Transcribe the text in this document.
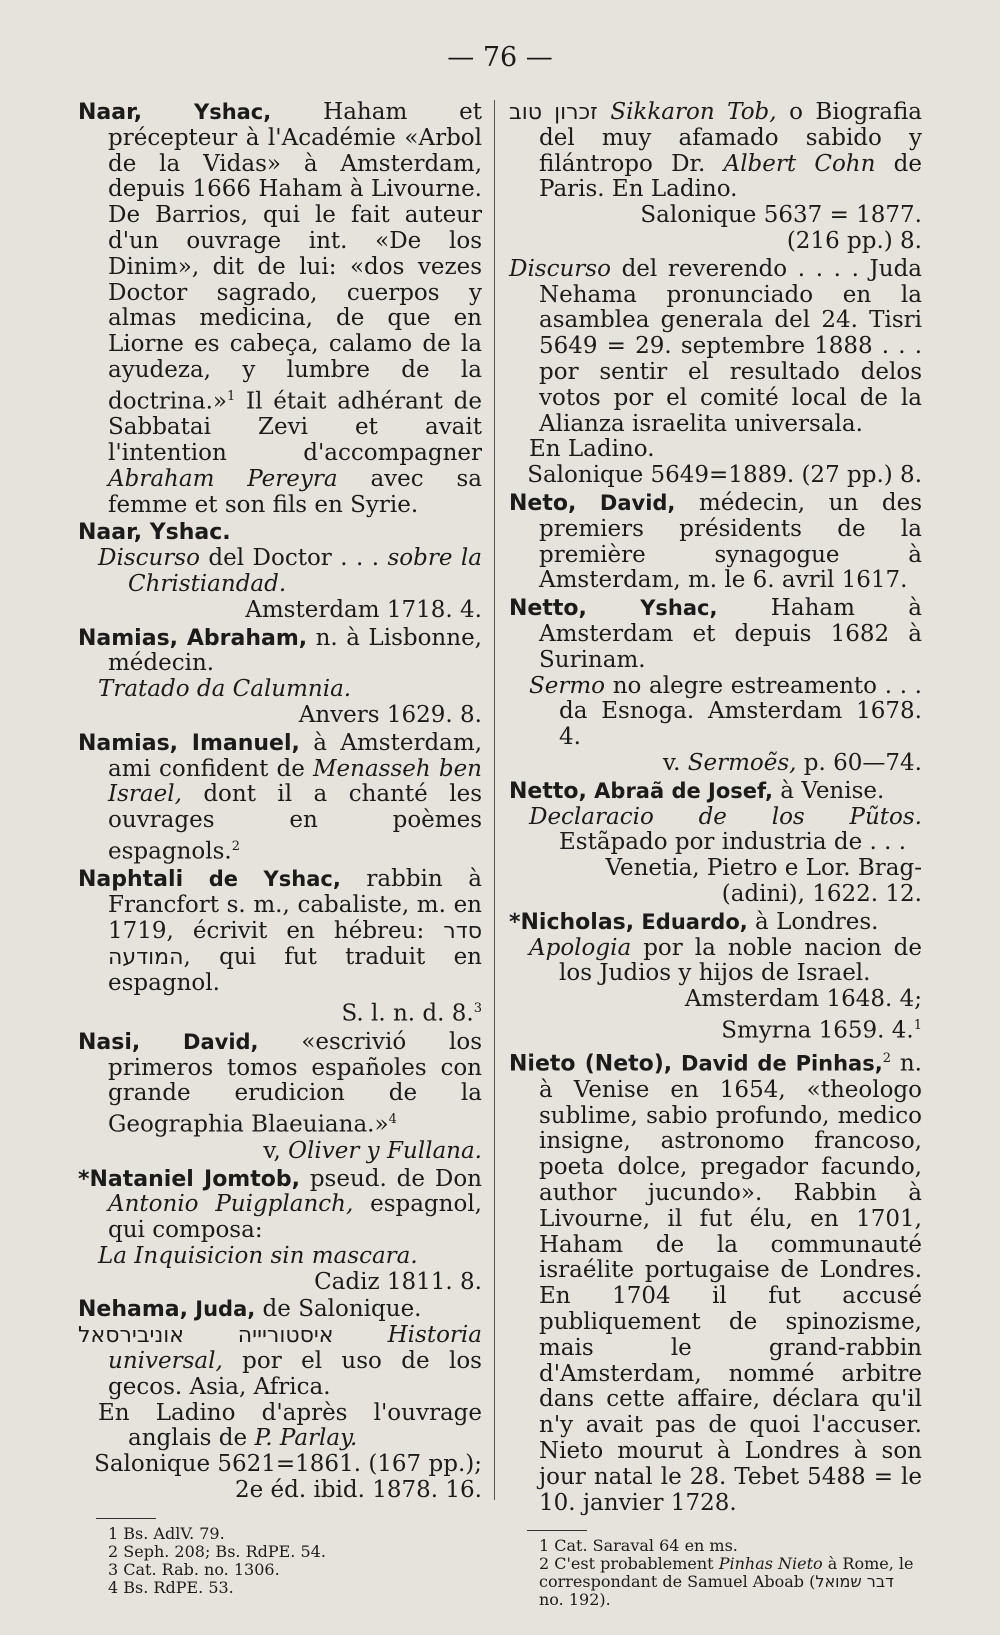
— 76 —

Naar, Yshac, Haham et précepteur à l'Académie «Arbol de la Vidas» à Amsterdam, depuis 1666 Haham à Livourne. De Barrios, qui le fait auteur d'un ouvrage int. «De los Dinim», dit de lui: «dos vezes Doctor sagrado, cuerpos y almas medicina, de que en Liorne es cabeça, calamo de la ayudeza, y lumbre de la doctrina.»$^1$ Il était adhérant de Sabbatai Zevi et avait l'intention d'accompagner Abraham Pereyra avec sa femme et son fils en Syrie.

Naar, Yshac.

Discurso del Doctor . . . sobre la Christiandad.

Amsterdam 1718. 4.

Namias, Abraham, n. à Lisbonne, médecin.

Tratado da Calumnia.

Anvers 1629. 8.

Namias, Imanuel, à Amsterdam, ami confident de Menasseh ben Israel, dont il a chanté les ouvrages en poèmes espagnols.$^2$

Naphtali de Yshac, rabbin à Francfort s. m., cabaliste, m. en 1719, écrivit en hébreu: סדר המודעה, qui fut traduit en espagnol.

S. l. n. d. 8.$^3$

Nasi, David, «escrivió los primeros tomos españoles con grande erudicion de la Geographia Blaeuiana.»$^4$

v, Oliver y Fullana.

*Nataniel Jomtob, pseud. de Don Antonio Puigplanch, espagnol, qui composa:

La Inquisicion sin mascara.

Cadiz 1811. 8.

Nehama, Juda, de Salonique.

איסטוריייה אוניבירסאל Historia universal, por el uso de los gecos. Asia, Africa.

En Ladino d'après l'ouvrage anglais de P. Parlay.

Salonique 5621=1861. (167 pp.);

2e éd. ibid. 1878. 16.

1 Bs. AdlV. 79.
2 Seph. 208; Bs. RdPE. 54.
3 Cat. Rab. no. 1306.
4 Bs. RdPE. 53.

זכרון טוב Sikkaron Tob, o Biografia del muy afamado sabido y filántropo Dr. Albert Cohn de Paris. En Ladino.

Salonique 5637 = 1877.

(216 pp.) 8.

Discurso del reverendo . . . . Juda Nehama pronunciado en la asamblea generala del 24. Tisri 5649 = 29. septembre 1888 . . . por sentir el resultado delos votos por el comité local de la Alianza israelita universala.

En Ladino.

Salonique 5649=1889. (27 pp.) 8.

Neto, David, médecin, un des premiers présidents de la première synagogue à Amsterdam, m. le 6. avril 1617.

Netto, Yshac, Haham à Amsterdam et depuis 1682 à Surinam.

Sermo no alegre estreamento . . . da Esnoga. Amsterdam 1678. 4.

v. Sermoẽs, p. 60—74.

Netto, Abraã de Josef, à Venise.

Declaracio de los Pũtos. Estãpado por industria de . . .

Venetia, Pietro e Lor. Brag-

(adini), 1622. 12.

*Nicholas, Eduardo, à Londres.

Apologia por la noble nacion de los Judios y hijos de Israel.

Amsterdam 1648. 4;

Smyrna 1659. 4.$^1$

Nieto (Neto), David de Pinhas,$^2$ n. à Venise en 1654, «theologo sublime, sabio profundo, medico insigne, astronomo francoso, poeta dolce, pregador facundo, author jucundo». Rabbin à Livourne, il fut élu, en 1701, Haham de la communauté israélite portugaise de Londres. En 1704 il fut accusé publiquement de spinozisme, mais le grand-rabbin d'Amsterdam, nommé arbitre dans cette affaire, déclara qu'il n'y avait pas de quoi l'accuser. Nieto mourut à Londres à son jour natal le 28. Tebet 5488 = le 10. janvier 1728.

1 Cat. Saraval 64 en ms.
2 C'est probablement Pinhas Nieto à Rome, le correspondant de Samuel Aboab (דבר שמואל no. 192).
